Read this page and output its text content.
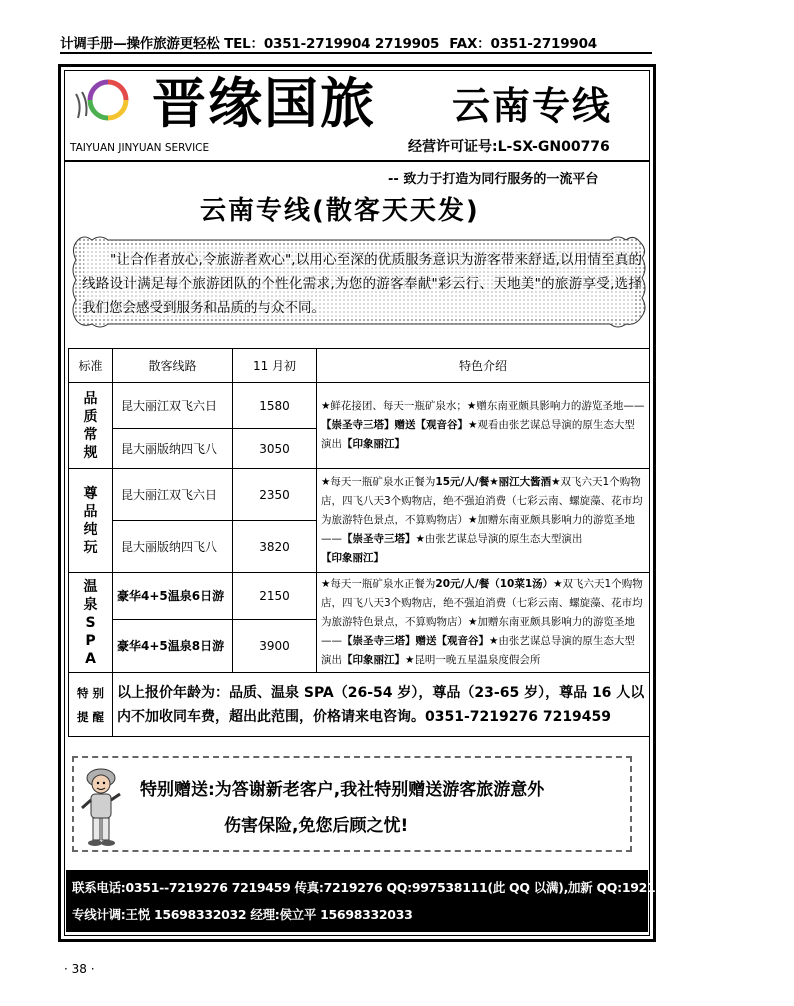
计调手册—操作旅游更轻松 TEL：0351-2719904 2719905 FAX：0351-2719904
晋缘国旅 云南专线
TAIYUAN JINYUAN SERVICE	经营许可证号:L-SX-GN00776
-- 致力于打造为同行服务的一流平台
云南专线(散客天天发)
"让合作者放心,令旅游者欢心",以用心至深的优质服务意识为游客带来舒适,以用情至真的线路设计满足每个旅游团队的个性化需求,为您的游客奉献"彩云行、天地美"的旅游享受,选择我们您会感受到服务和品质的与众不同。
标准	散客线路	11 月初	特色介绍
品质常规	昆大丽江双飞六日	1580	★鲜花接团、每天一瓶矿泉水；★赠东南亚颇具影响力的游览圣地——【崇圣寺三塔】赠送【观音谷】★观看由张艺谋总导演的原生态大型演出【印象丽江】
	昆大丽版纳四飞八	3050	
尊品纯玩	昆大丽江双飞六日	2350	★每天一瓶矿泉水正餐为15元/人/餐★丽江大酱酒★双飞六天1个购物店，四飞八天3个购物店，绝不强迫消费（七彩云南、螺旋藻、花市均为旅游特色景点，不算购物店）★加赠东南亚颇具影响力的游览圣地——【崇圣寺三塔】★由张艺谋总导演的原生态大型演出【印象丽江】
	昆大丽版纳四飞八	3820	
温泉SPA	豪华4+5温泉6日游	2150	★每天一瓶矿泉水正餐为20元/人/餐（10菜1汤）★双飞六天1个购物店，四飞八天3个购物店，绝不强迫消费（七彩云南、螺旋藻、花市均为旅游特色景点，不算购物店）★加赠东南亚颇具影响力的游览圣地——【崇圣寺三塔】赠送【观音谷】★由张艺谋总导演的原生态大型演出【印象丽江】★昆明一晚五星温泉度假会所
	豪华4+5温泉8日游	3900	

特 别
提 醒	以上报价年龄为：品质、温泉 SPA（26-54 岁），尊品（23-65 岁），尊品 16 人以内不加收同车费，超出此范围，价格请来电咨询。0351-7219276 7219459		
特别赠送:为答谢新老客户,我社特别赠送游客旅游意外
伤害保险,免您后顾之忧!
联系电话:0351--7219276 7219459 传真:7219276 QQ:997538111(此 QQ 以满),加新 QQ:1921946179 2248343829
专线计调:王悦 15698332032 经理:侯立平 15698332033
· 38 ·
